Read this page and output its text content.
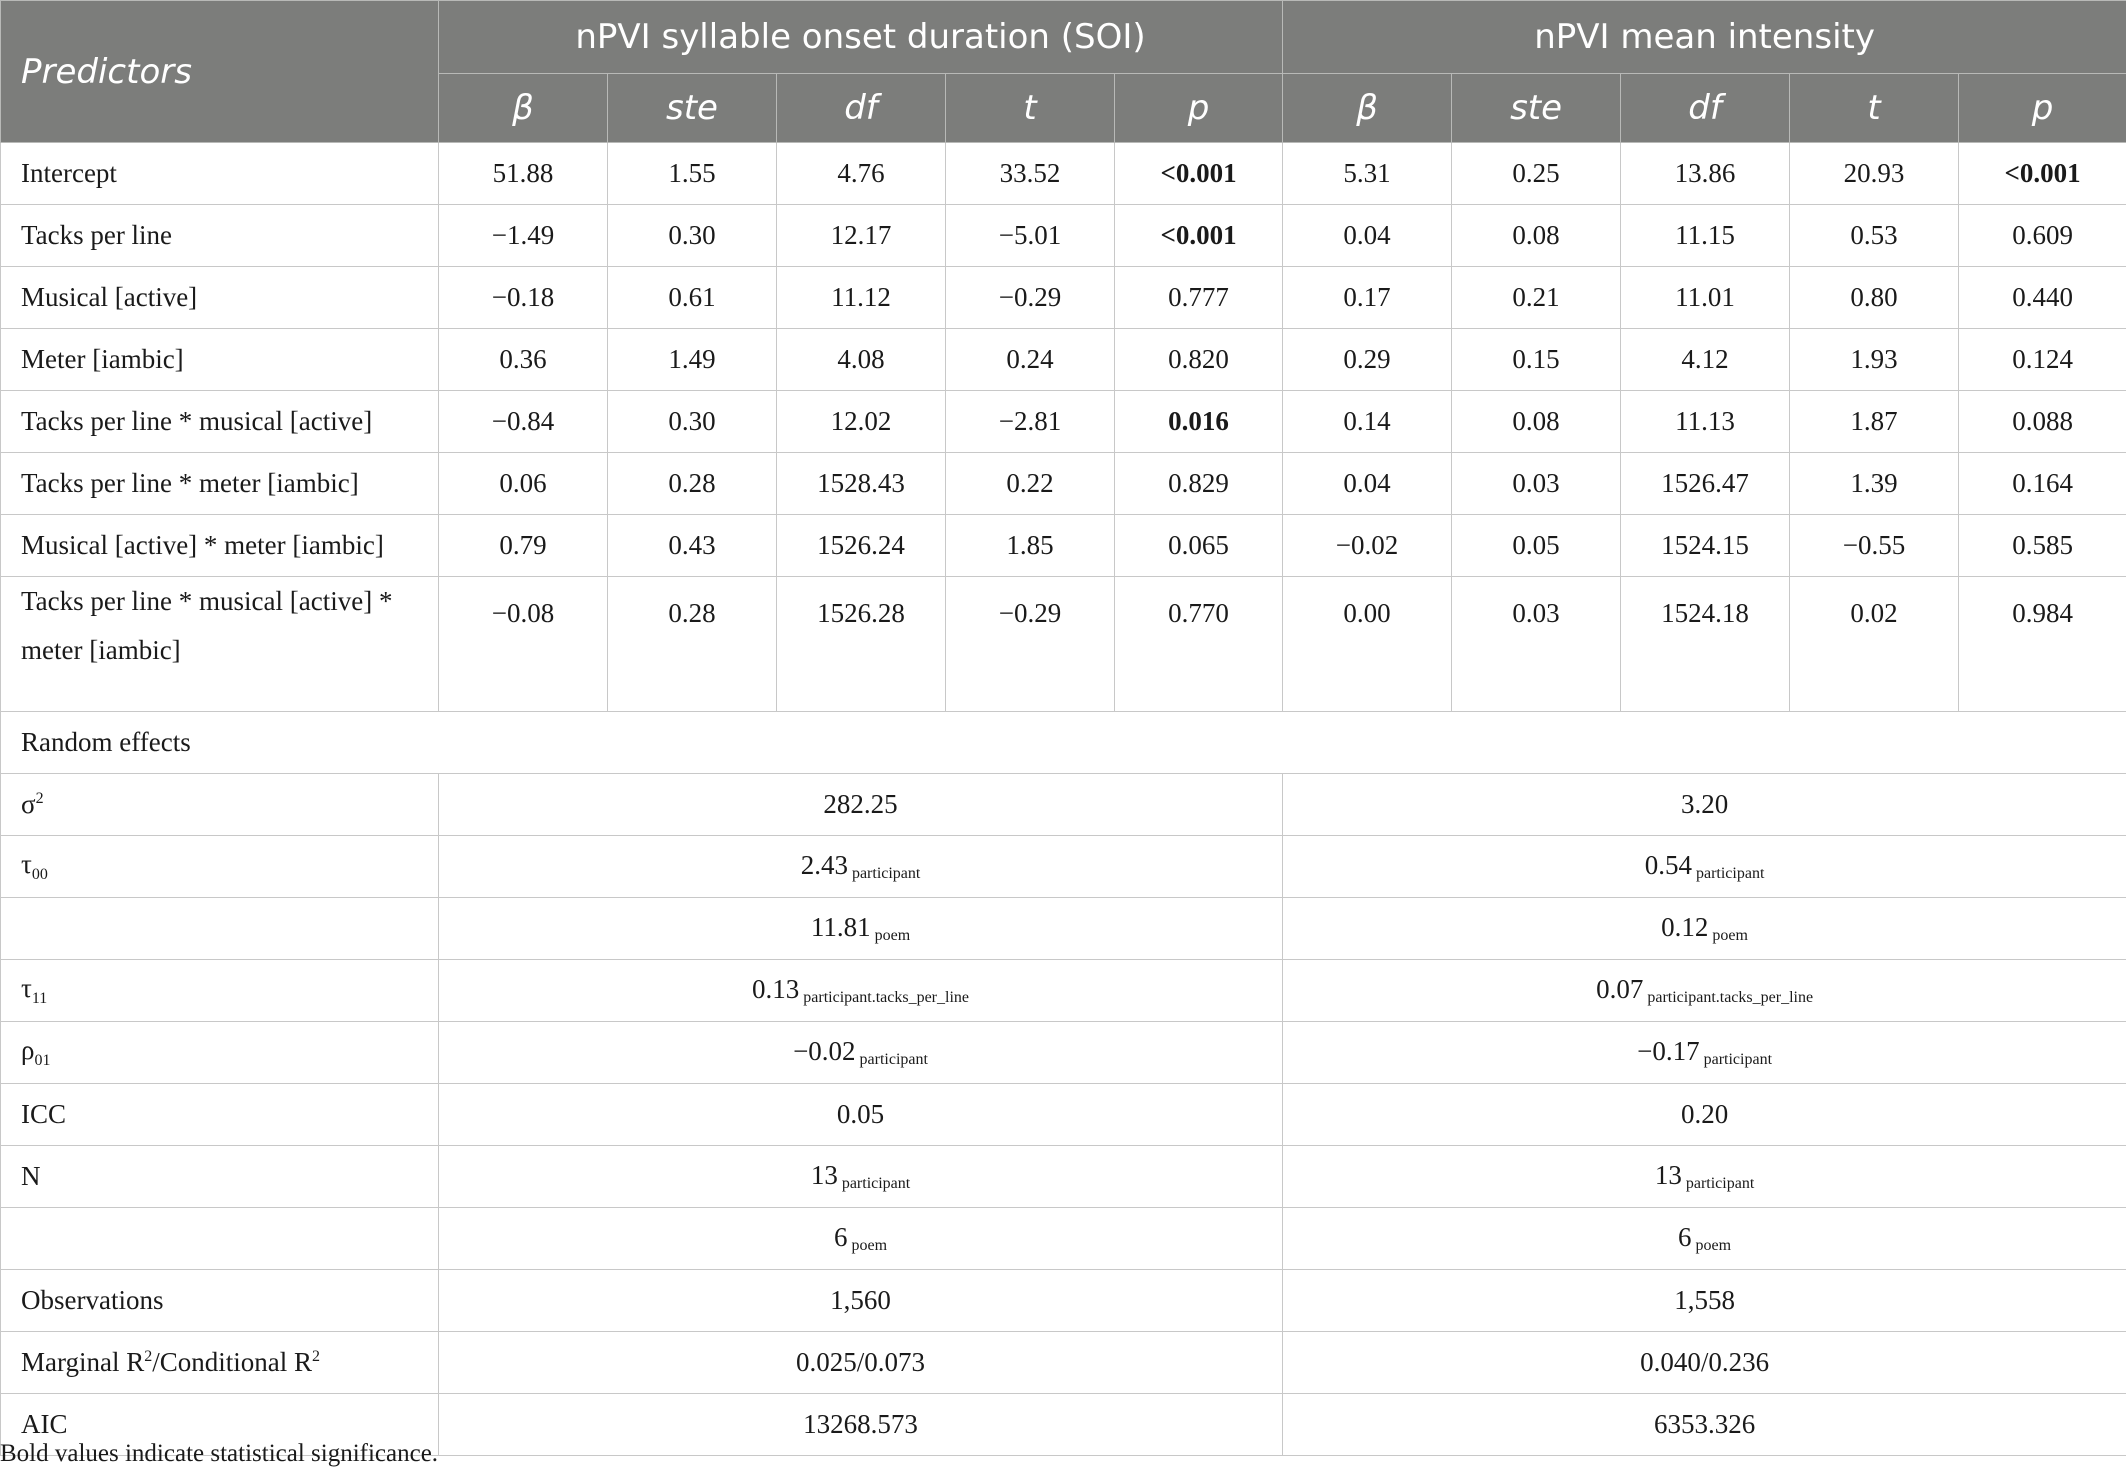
Predictors	nPVI syllable onset duration (SOI)					nPVI mean intensity				
	β	ste	df	t	p	β	ste	df	t	p
Intercept	51.88	1.55	4.76	33.52	<0.001	5.31	0.25	13.86	20.93	<0.001
Tacks per line	−1.49	0.30	12.17	−5.01	<0.001	0.04	0.08	11.15	0.53	0.609
Musical [active]	−0.18	0.61	11.12	−0.29	0.777	0.17	0.21	11.01	0.80	0.440
Meter [iambic]	0.36	1.49	4.08	0.24	0.820	0.29	0.15	4.12	1.93	0.124
Tacks per line * musical [active]	−0.84	0.30	12.02	−2.81	0.016	0.14	0.08	11.13	1.87	0.088
Tacks per line * meter [iambic]	0.06	0.28	1528.43	0.22	0.829	0.04	0.03	1526.47	1.39	0.164
Musical [active] * meter [iambic]	0.79	0.43	1526.24	1.85	0.065	−0.02	0.05	1524.15	−0.55	0.585
Tacks per line * musical [active] *
meter [iambic]	−0.08	0.28	1526.28	−0.29	0.770	0.00	0.03	1524.18	0.02	0.984
Random effects										
$\sigma^2$	282.25					3.20				
$\tau_{00}$	2.43 $_{participant}$					0.54 $_{participant}$
	11.81 $_{poem}$					0.12 $_{poem}$
$\tau_{11}$	0.13 $_{participant.tacks\_per\_line}$					0.07 $_{participant.tacks\_per\_line}$
$\rho_{01}$	−0.02 $_{participant}$					−0.17 $_{participant}$
ICC	0.05					0.20				
N	13 $_{participant}$					13 $_{participant}$
	6 $_{poem}$					6 $_{poem}$
Observations	1,560					1,558				
Marginal $R^2$/Conditional $R^2$	0.025/0.073					0.040/0.236				
AIC	13268.573					6353.326				
Bold values indicate statistical significance.
